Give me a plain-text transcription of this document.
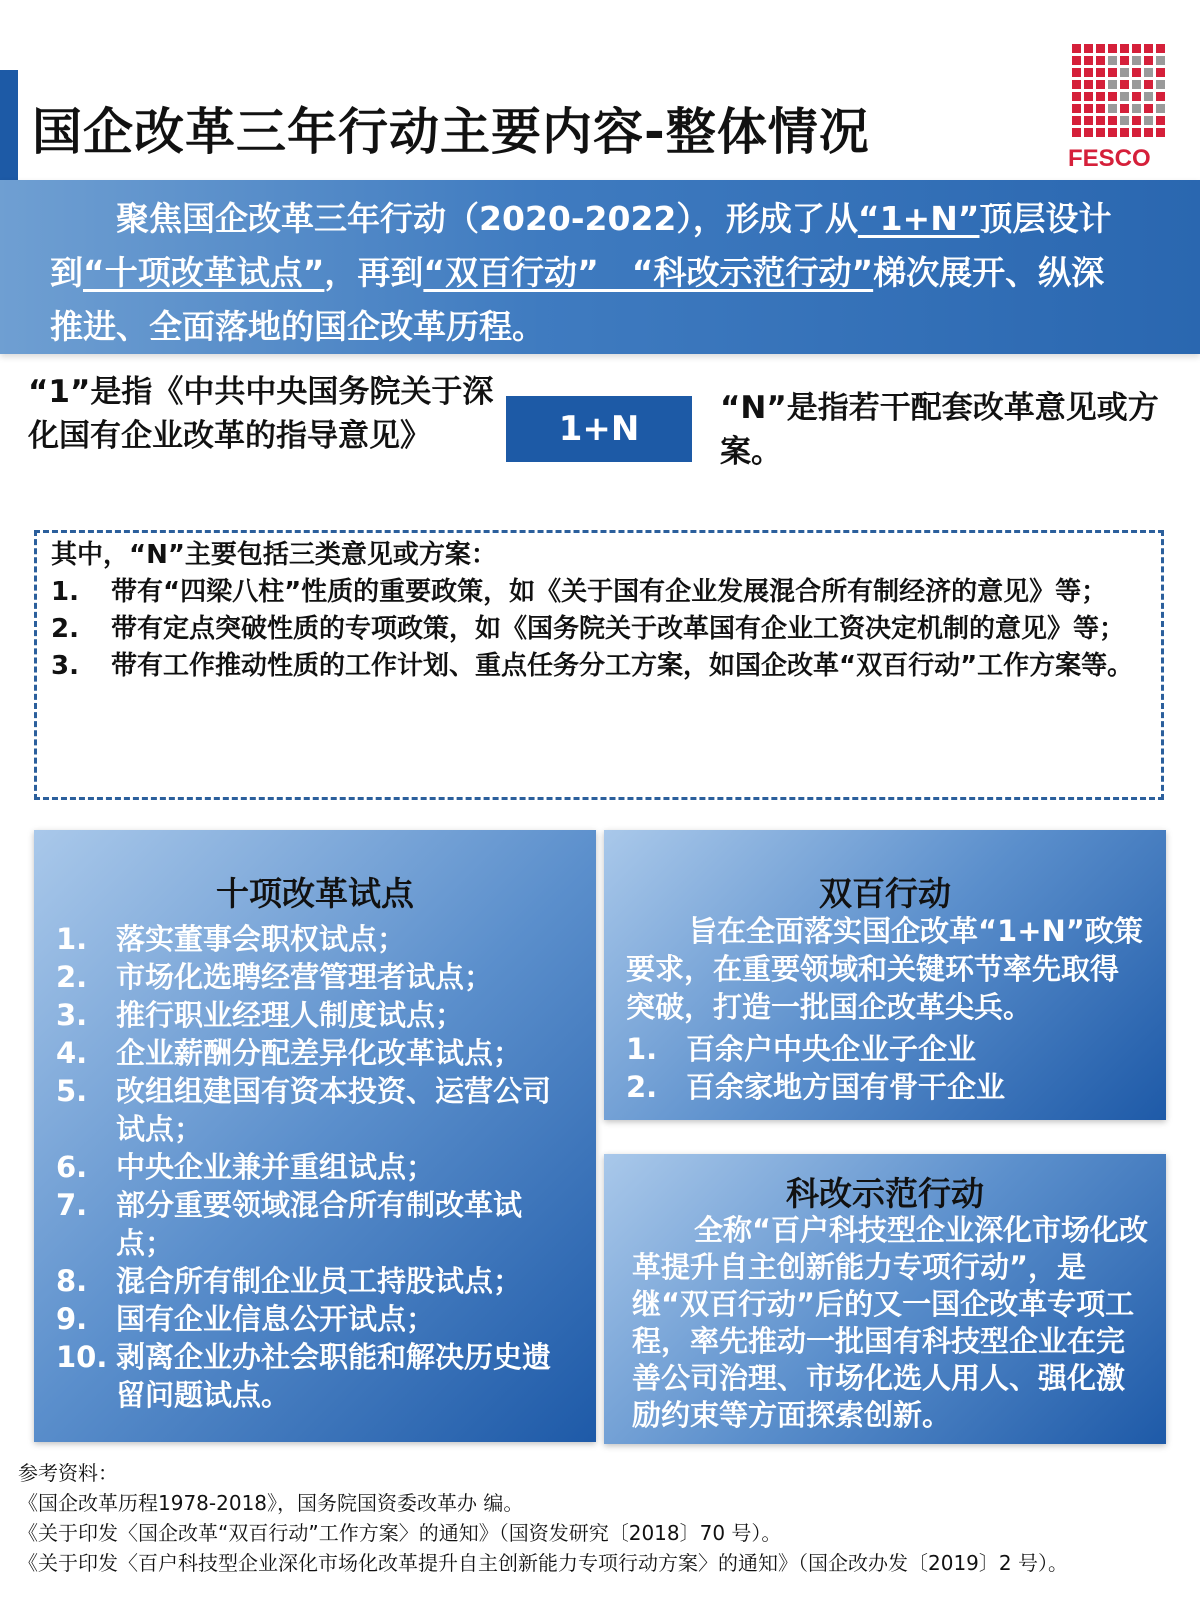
国企改革三年行动主要内容-整体情况	FESCO
聚焦国企改革三年行动（2020-2022），形成了从“1+N”顶层设计到“十项改革试点”，再到“双百行动”　“科改示范行动”梯次展开、纵深推进、全面落地的国企改革历程。
“1”是指《中共中央国务院关于深化国有企业改革的指导意见》	1+N
“N”是指若干配套改革意见或方案。
其中，“N”主要包括三类意见或方案：
1.	带有“四梁八柱”性质的重要政策，如《关于国有企业发展混合所有制经济的意见》等；
2.	带有定点突破性质的专项政策，如《国务院关于改革国有企业工资决定机制的意见》等；
3.	带有工作推动性质的工作计划、重点任务分工方案，如国企改革“双百行动”工作方案等。
十项改革试点
1. 落实董事会职权试点；
2. 市场化选聘经营管理者试点；
3. 推行职业经理人制度试点；
4. 企业薪酬分配差异化改革试点；
5. 改组组建国有资本投资、运营公司试点；
6. 中央企业兼并重组试点；
7. 部分重要领域混合所有制改革试点；
8. 混合所有制企业员工持股试点；
9. 国有企业信息公开试点；
10. 剥离企业办社会职能和解决历史遗留问题试点。
双百行动
旨在全面落实国企改革“1+N”政策要求，在重要领域和关键环节率先取得突破，打造一批国企改革尖兵。
1. 百余户中央企业子企业
2. 百余家地方国有骨干企业
科改示范行动
全称“百户科技型企业深化市场化改革提升自主创新能力专项行动”，是继“双百行动”后的又一国企改革专项工程，率先推动一批国有科技型企业在完善公司治理、市场化选人用人、强化激励约束等方面探索创新。
参考资料：
《国企改革历程1978-2018》，国务院国资委改革办 编。
《关于印发〈国企改革“双百行动”工作方案〉的通知》（国资发研究〔2018〕70 号）。
《关于印发〈百户科技型企业深化市场化改革提升自主创新能力专项行动方案〉的通知》（国企改办发〔2019〕2 号）。
